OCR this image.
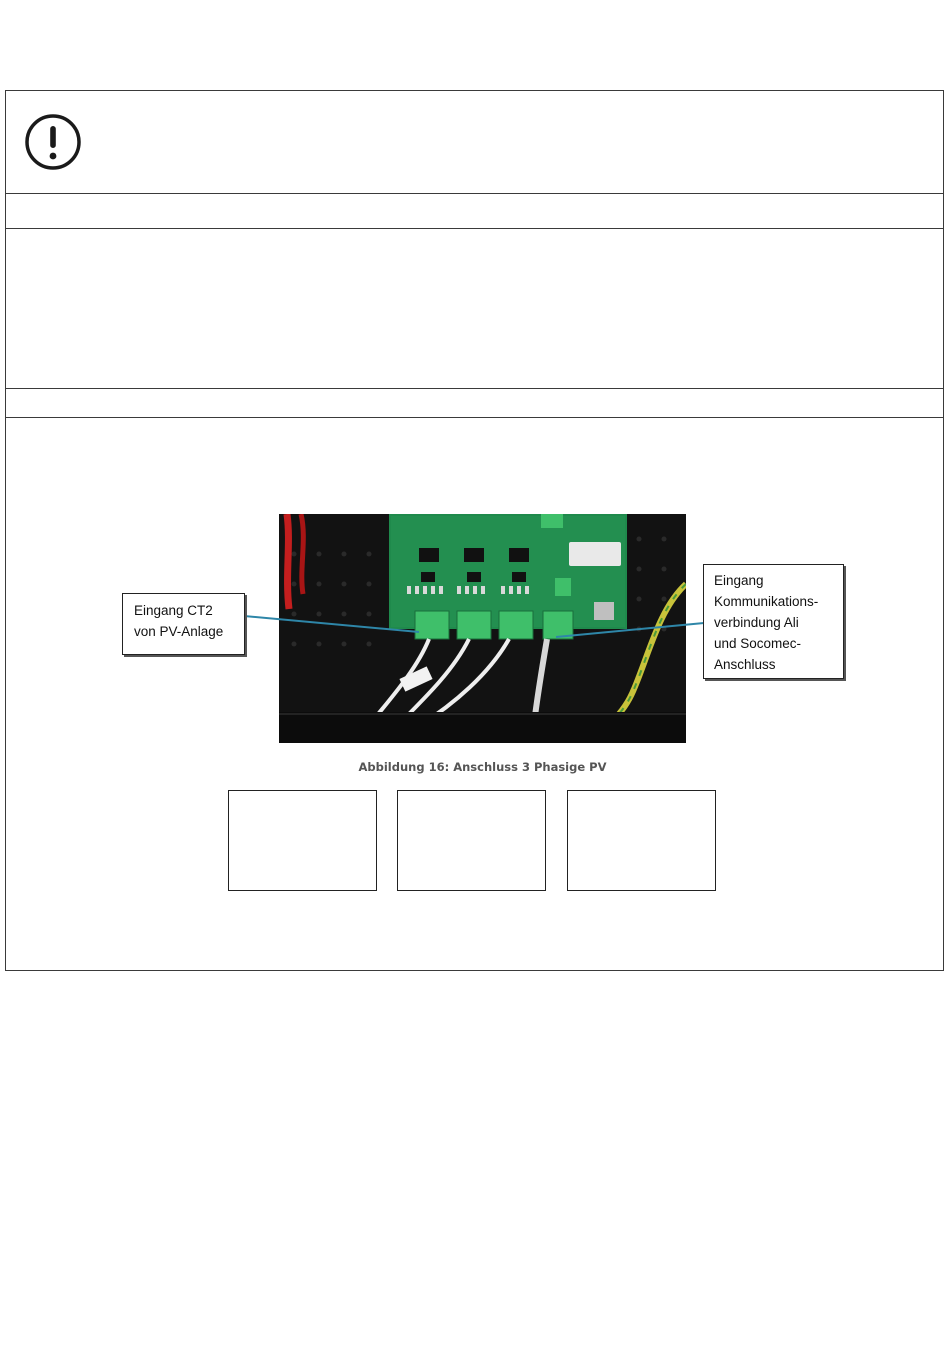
Eingang CT2
von PV-Anlage
Eingang
Kommunikations-
verbindung Ali
und Socomec-
Anschluss
Abbildung 16: Anschluss 3 Phasige PV
